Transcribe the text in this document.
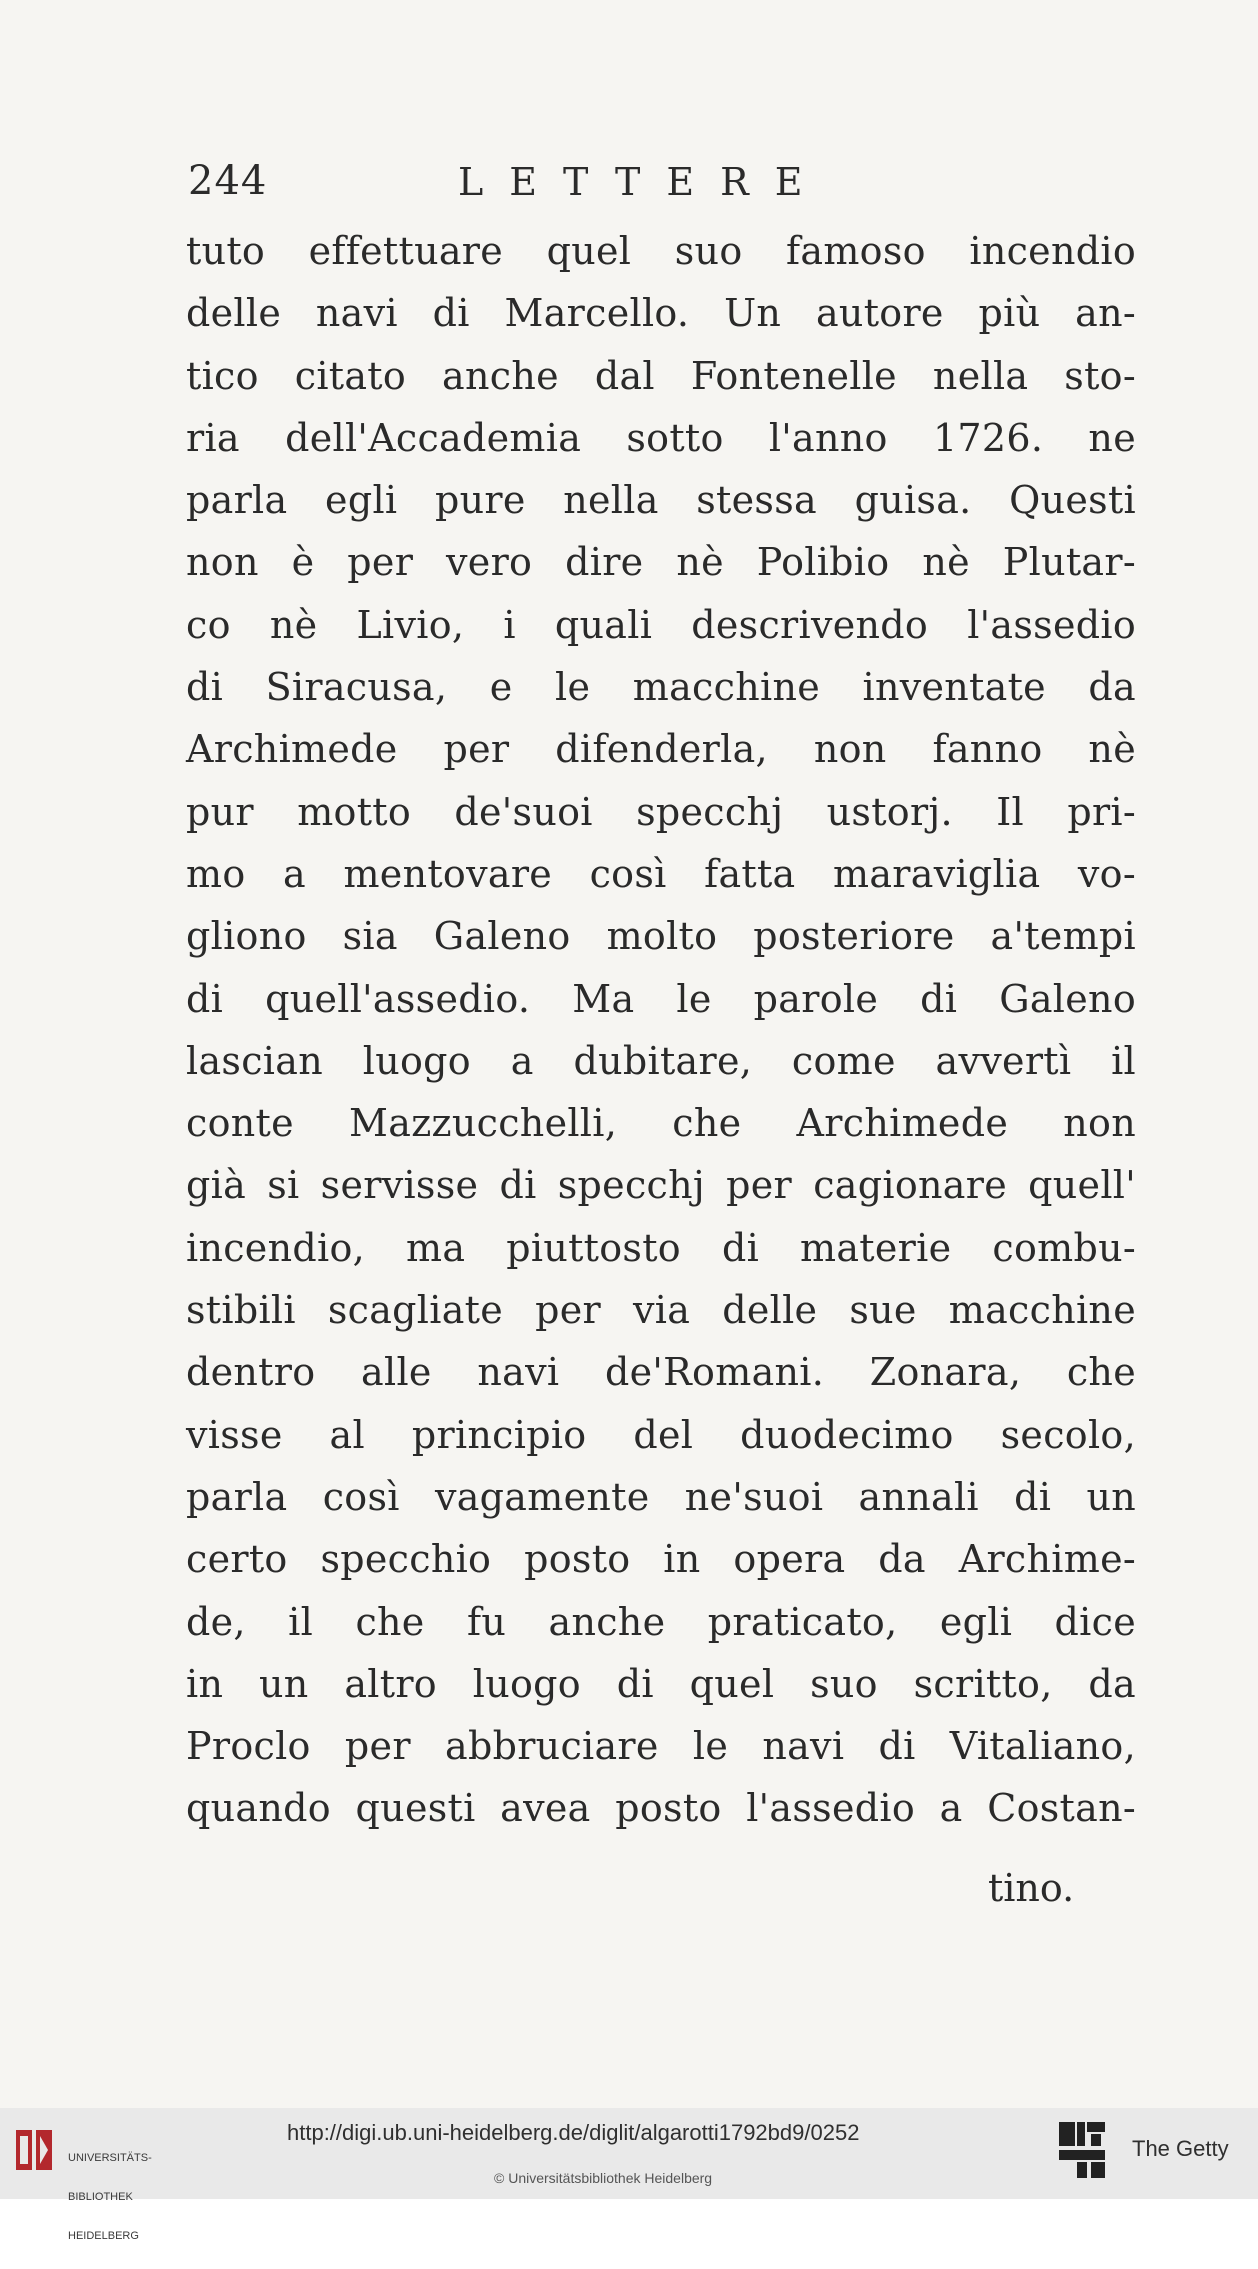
244	LETTERE
tuto effettuare quel suo famoso incendio
delle navi di Marcello. Un autore più an-
tico citato anche dal Fontenelle nella sto-
ria dell'Accademia sotto l'anno 1726. ne
parla egli pure nella stessa guisa. Questi
non è per vero dire nè Polibio nè Plutar-
co nè Livio, i quali descrivendo l'assedio
di Siracusa, e le macchine inventate da
Archimede per difenderla, non fanno nè
pur motto de'suoi specchj ustorj. Il pri-
mo a mentovare così fatta maraviglia vo-
gliono sia Galeno molto posteriore a'tempi
di quell'assedio. Ma le parole di Galeno
lascian luogo a dubitare, come avvertì il
conte Mazzucchelli, che Archimede non
già si servisse di specchj per cagionare quell'
incendio, ma piuttosto di materie combu-
stibili scagliate per via delle sue macchine
dentro alle navi de'Romani. Zonara, che
visse al principio del duodecimo secolo,
parla così vagamente ne'suoi annali di un
certo specchio posto in opera da Archime-
de, il che fu anche praticato, egli dice
in un altro luogo di quel suo scritto, da
Proclo per abbruciare le navi di Vitaliano,
quando questi avea posto l'assedio a Costan-
tino.

UNIVERSITÄTS-

BIBLIOTHEK

HEIDELBERG

http://digi.ub.uni-heidelberg.de/diglit/algarotti1792bd9/0252
© Universitätsbibliothek Heidelberg
The Getty
